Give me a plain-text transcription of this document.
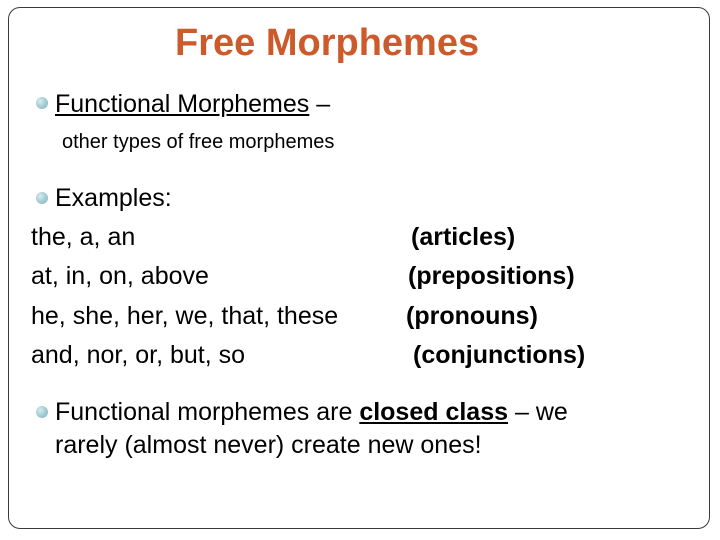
Free Morphemes
Functional Morphemes –
other types of free morphemes
Examples:
the, a, an	(articles)
at, in, on, above	(prepositions)
he, she, her, we, that, these	(pronouns)
and, nor, or, but, so	(conjunctions)
Functional morphemes are closed class – we
rarely (almost never) create new ones!
